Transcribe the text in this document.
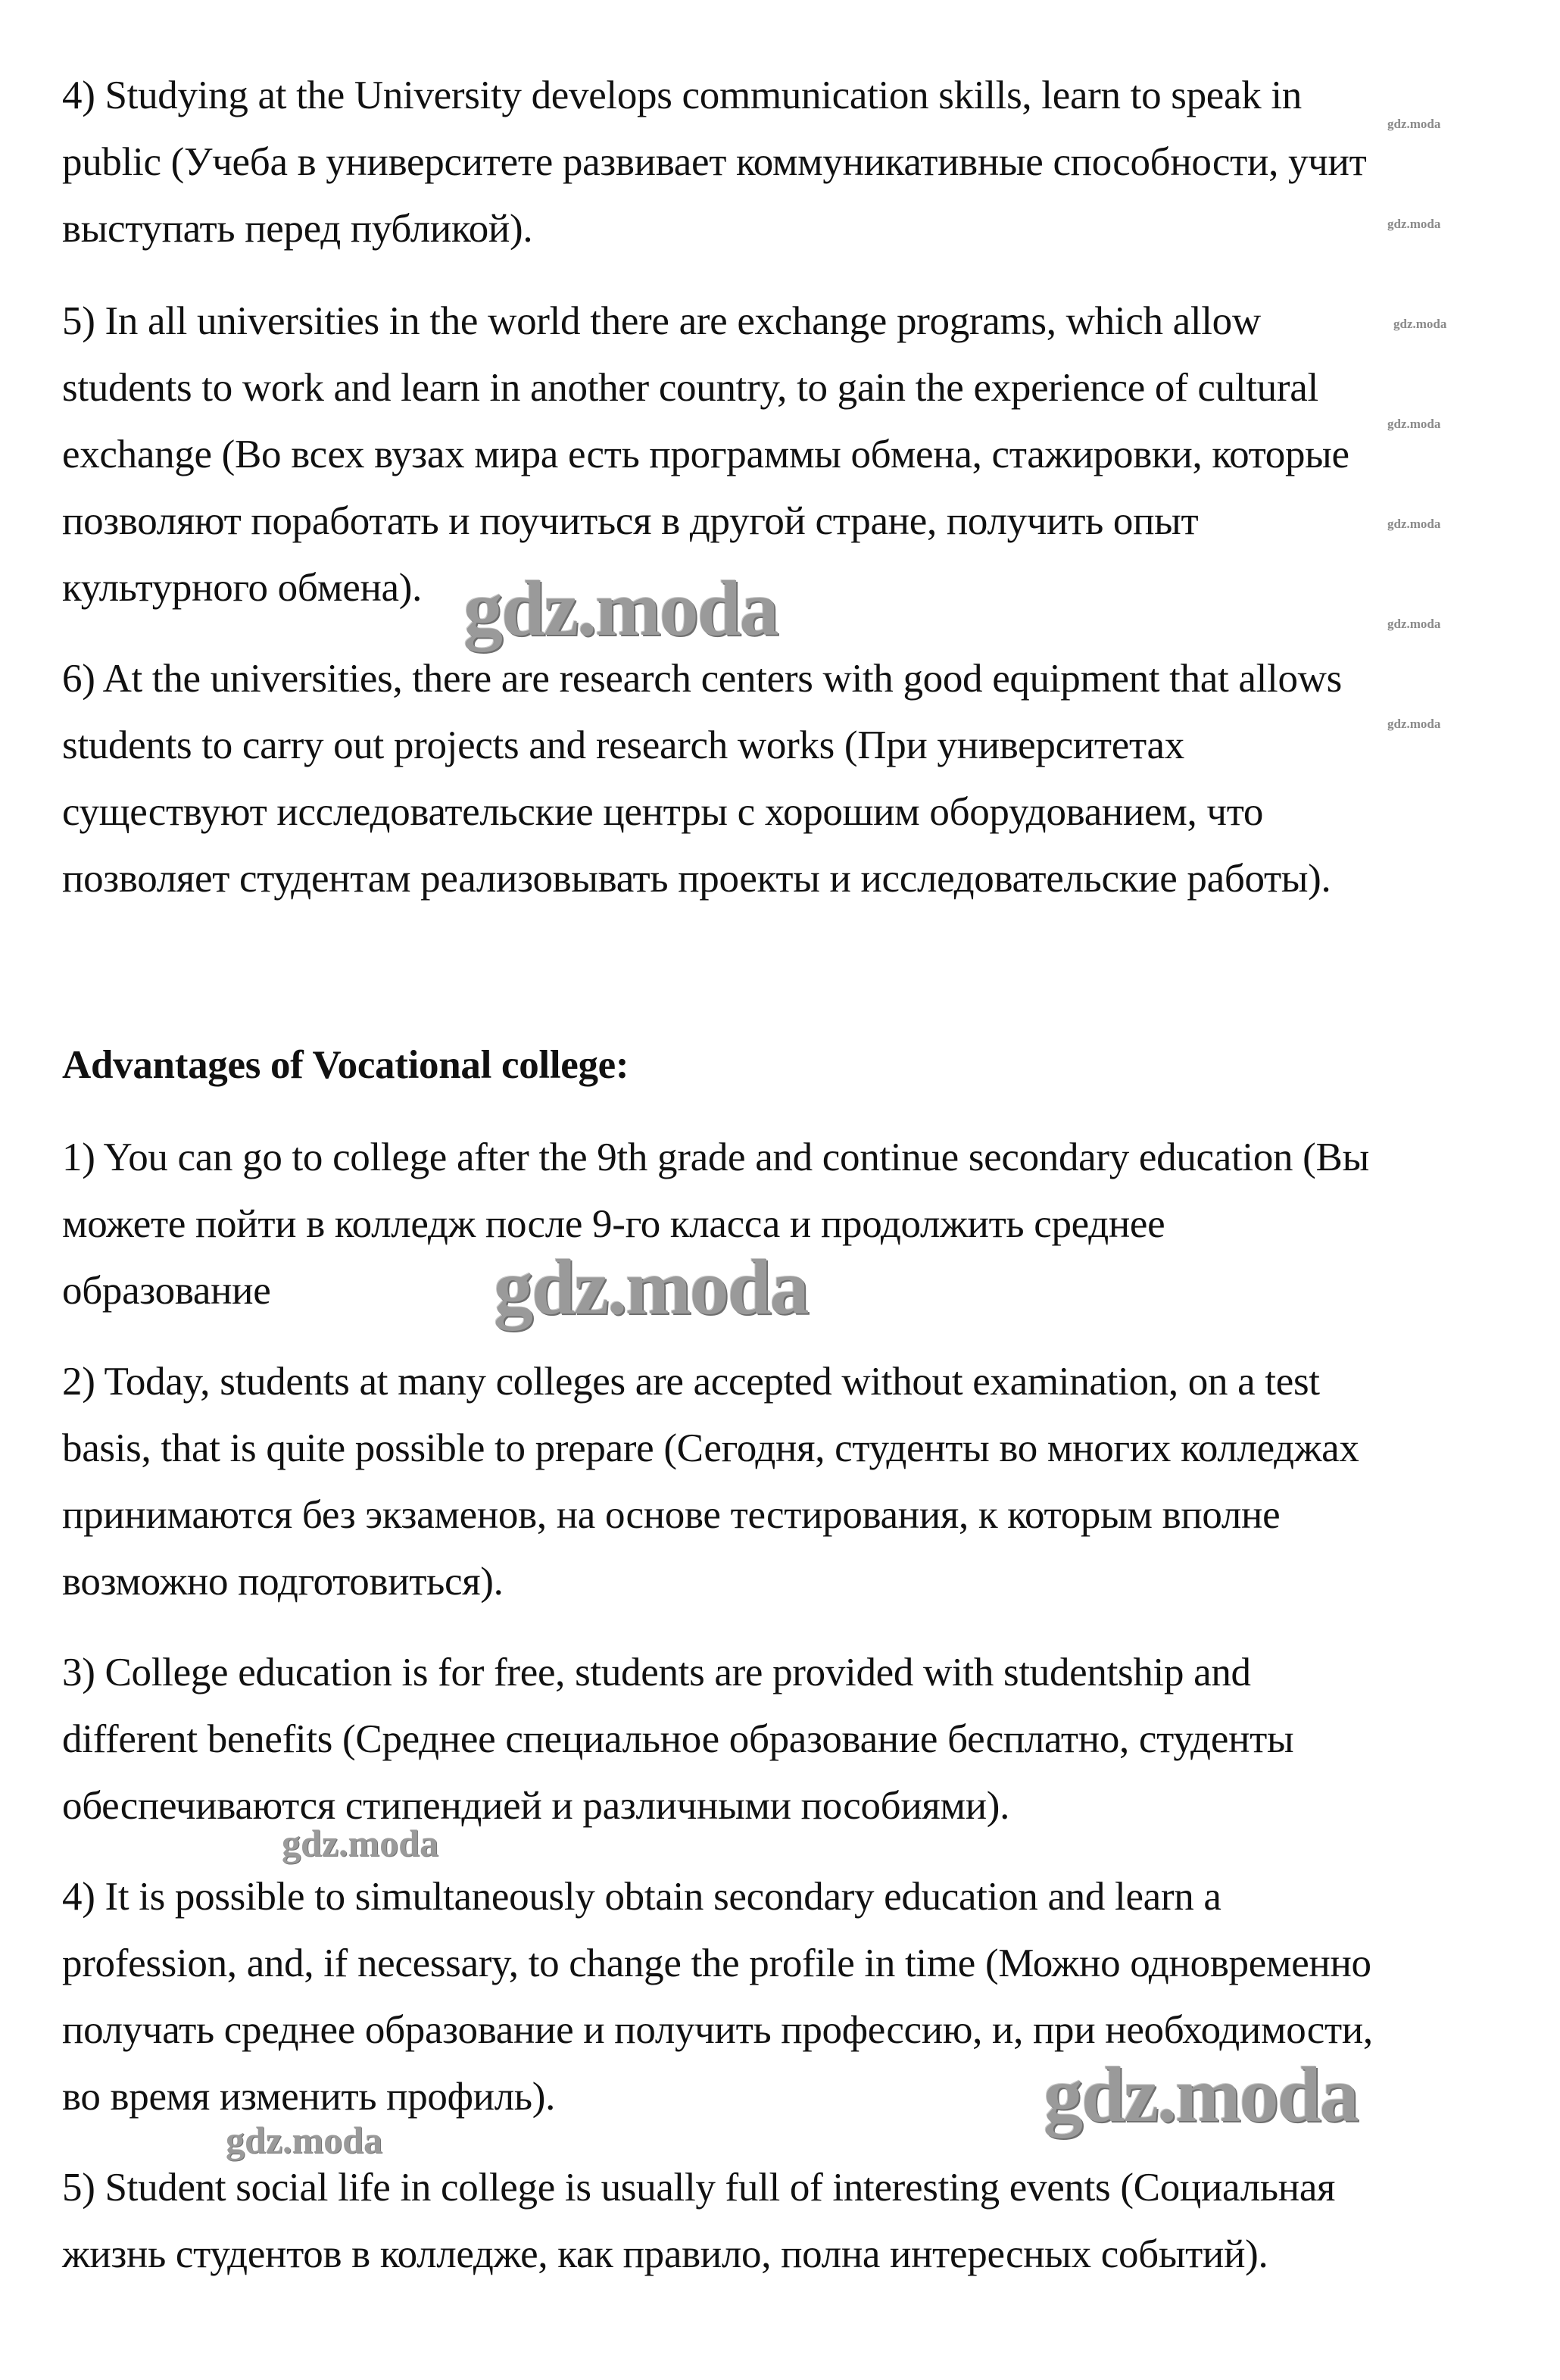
4) Studying at the University develops communication skills, learn to speak in
public (Учеба в университете развивает коммуникативные способности, учит
выступать перед публикой).
5) In all universities in the world there are exchange programs, which allow
students to work and learn in another country, to gain the experience of cultural
exchange (Во всех вузах мира есть программы обмена, стажировки, которые
позволяют поработать и поучиться в другой стране, получить опыт
культурного обмена).
6) At the universities, there are research centers with good equipment that allows
students to carry out projects and research works (При университетах
существуют исследовательские центры с хорошим оборудованием, что
позволяет студентам реализовывать проекты и исследовательские работы).
Advantages of Vocational college:
1) You can go to college after the 9th grade and continue secondary education (Вы
можете пойти в колледж после 9-го класса и продолжить среднее
образование
2) Today, students at many colleges are accepted without examination, on a test
basis, that is quite possible to prepare (Сегодня, студенты во многих колледжах
принимаются без экзаменов, на основе тестирования, к которым вполне
возможно подготовиться).
3) College education is for free, students are provided with studentship and
different benefits (Среднее специальное образование бесплатно, студенты
обеспечиваются стипендией и различными пособиями).
4) It is possible to simultaneously obtain secondary education and learn a
profession, and, if necessary, to change the profile in time (Можно одновременно
получать среднее образование и получить профессию, и, при необходимости,
во время изменить профиль).
5) Student social life in college is usually full of interesting events (Социальная
жизнь студентов в колледже, как правило, полна интересных событий).
gdz.moda
gdz.moda
gdz.moda
gdz.moda
gdz.moda
gdz.moda
gdz.moda
gdz.moda
gdz.moda
gdz.moda
gdz.moda
gdz.moda
